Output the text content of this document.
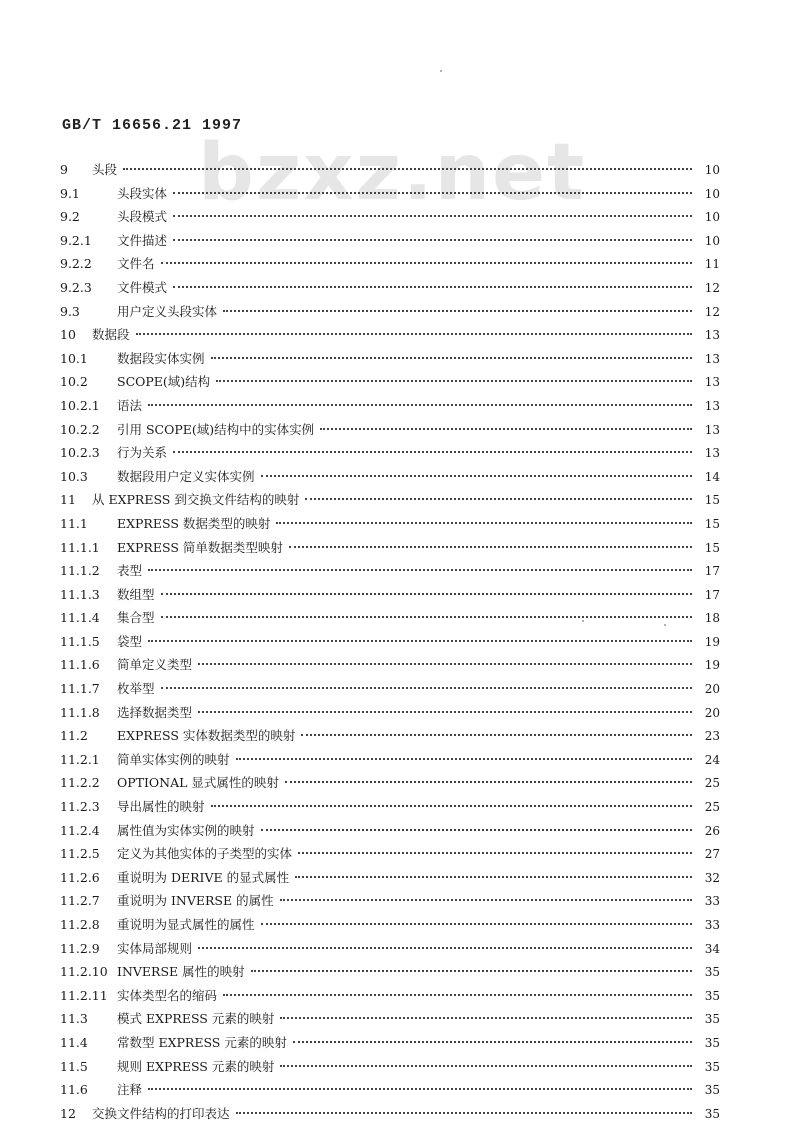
bzxz.net
GB/T 16656.21 1997
9	头段	10
9.1	头段实体	10
9.2	头段模式	10
9.2.1	文件描述	10
9.2.2	文件名	11
9.2.3	文件模式	12
9.3	用户定义头段实体	12
10	数据段	13
10.1	数据段实体实例	13
10.2	SCOPE(域)结构	13
10.2.1	语法	13
10.2.2	引用 SCOPE(域)结构中的实体实例	13
10.2.3	行为关系	13
10.3	数据段用户定义实体实例	14
11	从 EXPRESS 到交换文件结构的映射	15
11.1	EXPRESS 数据类型的映射	15
11.1.1	EXPRESS 简单数据类型映射	15
11.1.2	表型	17
11.1.3	数组型	17
11.1.4	集合型	18
11.1.5	袋型	19
11.1.6	简单定义类型	19
11.1.7	枚举型	20
11.1.8	选择数据类型	20
11.2	EXPRESS 实体数据类型的映射	23
11.2.1	简单实体实例的映射	24
11.2.2	OPTIONAL 显式属性的映射	25
11.2.3	导出属性的映射	25
11.2.4	属性值为实体实例的映射	26
11.2.5	定义为其他实体的子类型的实体	27
11.2.6	重说明为 DERIVE 的显式属性	32
11.2.7	重说明为 INVERSE 的属性	33
11.2.8	重说明为显式属性的属性	33
11.2.9	实体局部规则	34
11.2.10 INVERSE 属性的映射	35
11.2.11 实体类型名的缩码	35
11.3	模式 EXPRESS 元素的映射	35
11.4	常数型 EXPRESS 元素的映射	35
11.5	规则 EXPRESS 元素的映射	35
11.6	注释	35
12	交换文件结构的打印表达	35
